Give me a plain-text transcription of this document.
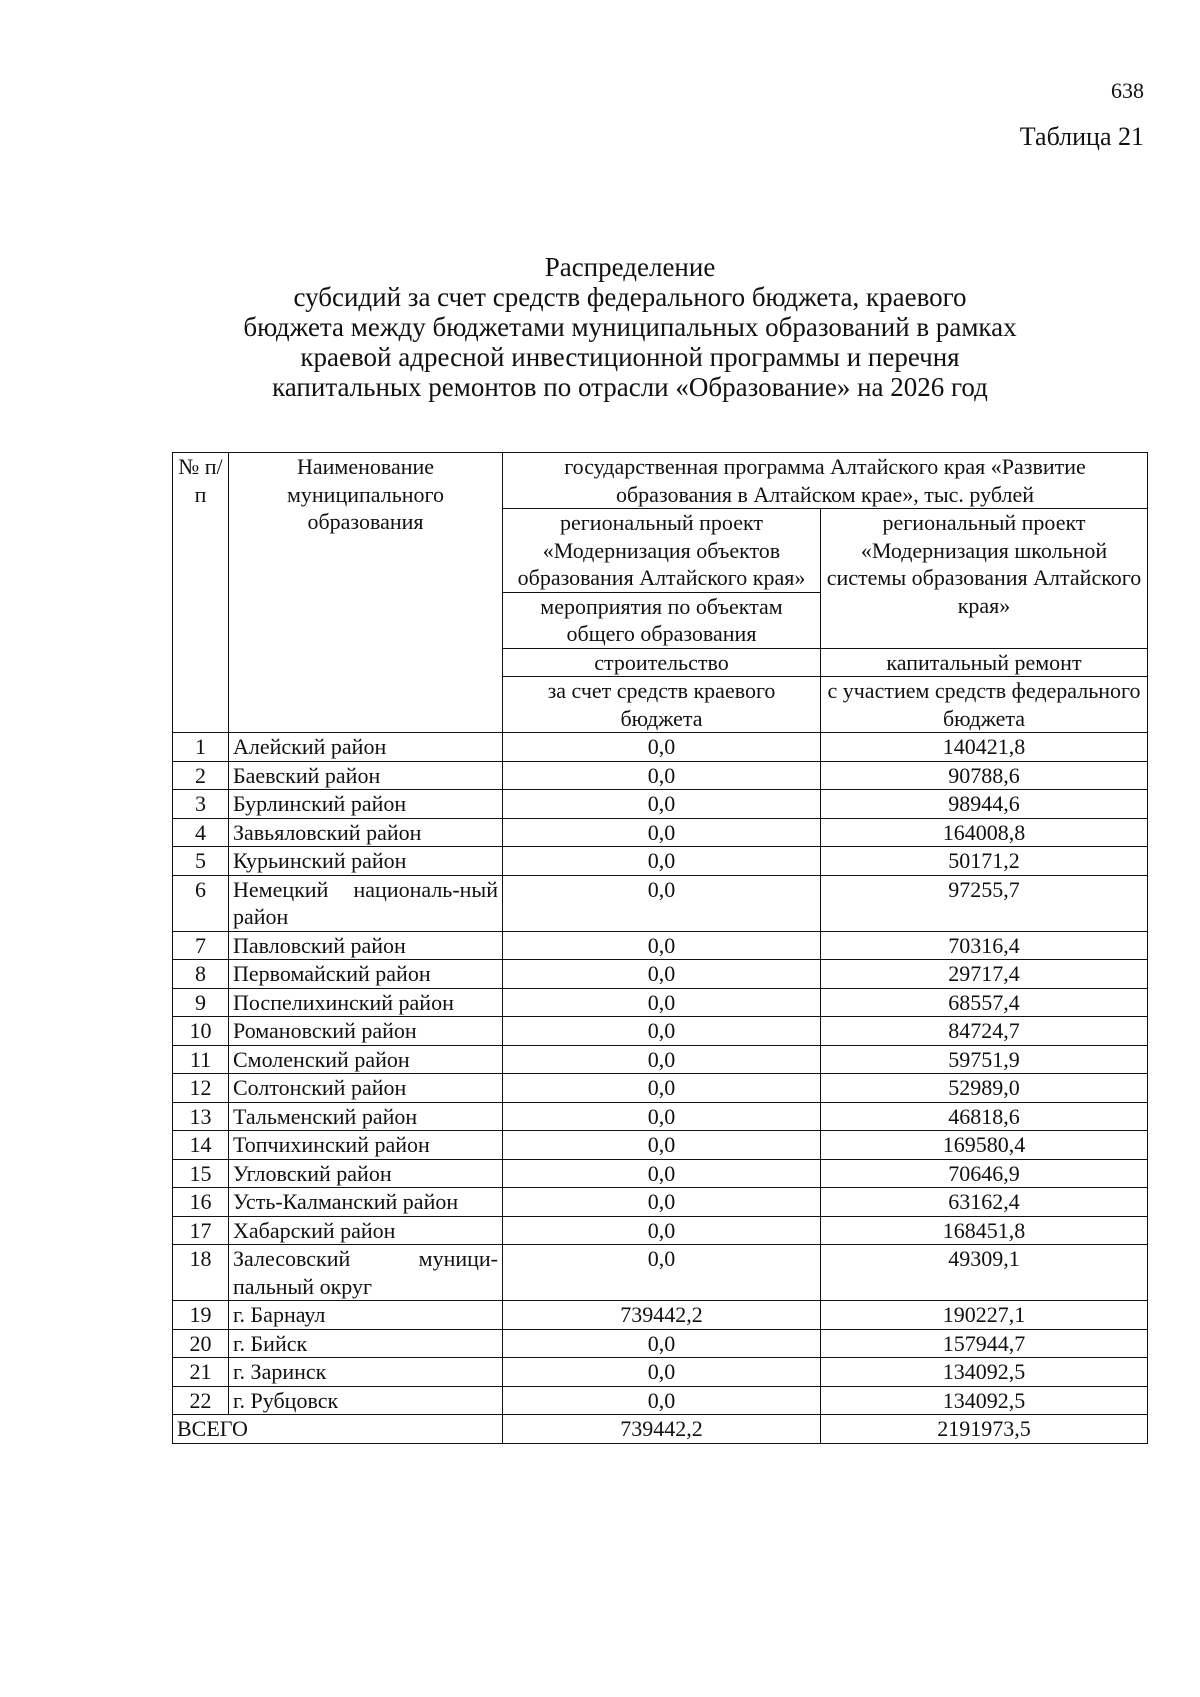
638
Таблица 21
Распределение
субсидий за счет средств федерального бюджета, краевого
бюджета между бюджетами муниципальных образований в рамках
краевой адресной инвестиционной программы и перечня
капитальных ремонтов по отрасли «Образование» на 2026 год
№ п/п	Наименование муниципального образования	государственная программа Алтайского края «Развитие образования в Алтайском крае», тыс. рублей	
		региональный проект «Модернизация объектов образования Алтайского края»	региональный проект «Модернизация школьной системы образования Алтайского края»
		мероприятия по объектам общего образования	
		строительство	капитальный ремонт
		за счет средств краевого бюджета	с участием средств федерального бюджета
1	Алейский район	0,0	140421,8
2	Баевский район	0,0	90788,6
3	Бурлинский район	0,0	98944,6
4	Завьяловский район	0,0	164008,8
5	Курьинский район	0,0	50171,2
6	Немецкий националь-ный район	0,0	97255,7
7	Павловский район	0,0	70316,4
8	Первомайский район	0,0	29717,4
9	Поспелихинский район	0,0	68557,4
10	Романовский район	0,0	84724,7
11	Смоленский район	0,0	59751,9
12	Солтонский район	0,0	52989,0
13	Тальменский район	0,0	46818,6
14	Топчихинский район	0,0	169580,4
15	Угловский район	0,0	70646,9
16	Усть-Калманский район	0,0	63162,4
17	Хабарский район	0,0	168451,8
18	Залесовский муници-пальный округ	0,0	49309,1
19	г. Барнаул	739442,2	190227,1
20	г. Бийск	0,0	157944,7
21	г. Заринск	0,0	134092,5
22	г. Рубцовск	0,0	134092,5
ВСЕГО		739442,2	2191973,5
